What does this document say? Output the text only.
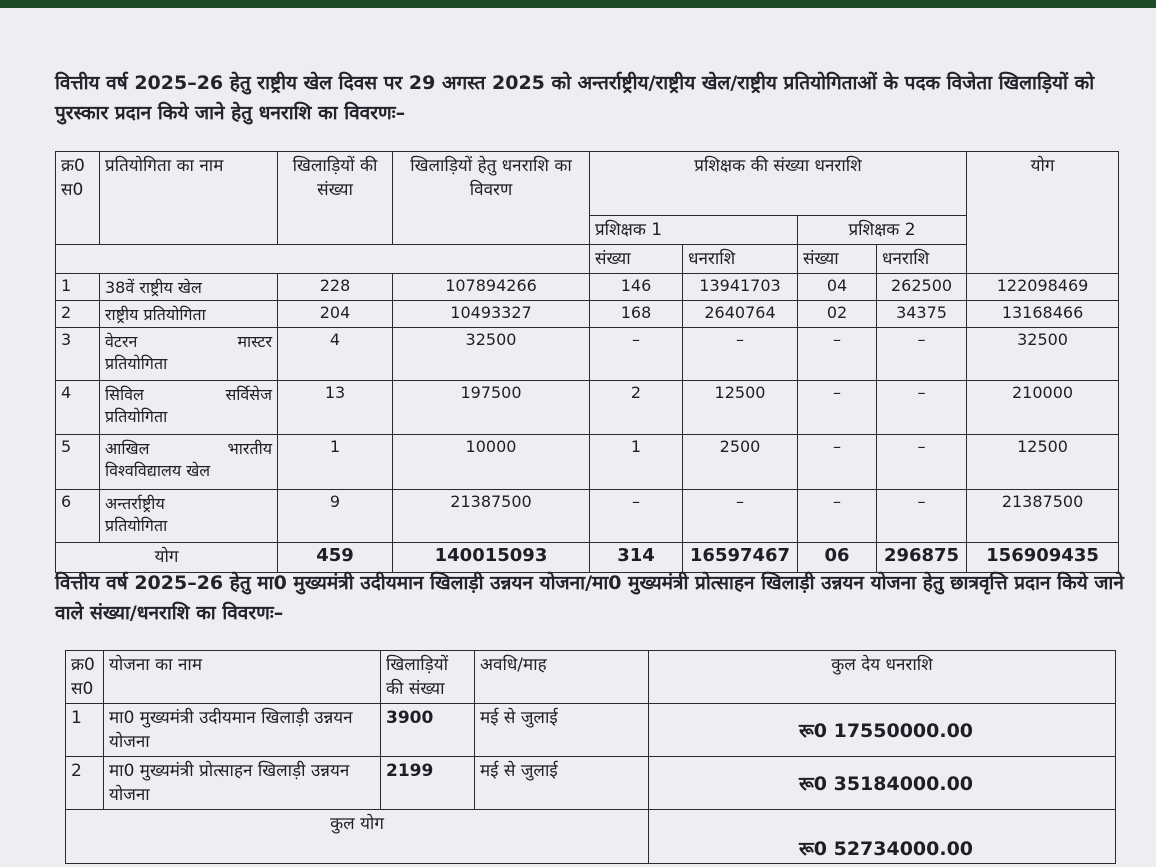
वित्तीय वर्ष 2025–26 हेतु राष्ट्रीय खेल दिवस पर 29 अगस्त 2025 को अन्तर्राष्ट्रीय/राष्ट्रीय खेल/राष्ट्रीय प्रतियोगिताओं के पदक विजेता खिलाड़ियों को पुरस्कार प्रदान किये जाने हेतु धनराशि का विवरणः–
क्र0
स0	प्रतियोगिता का नाम	खिलाड़ियों की संख्या	खिलाड़ियों हेतु धनराशि का विवरण	प्रशिक्षक की संख्या धनराशि				योग
				प्रशिक्षक 1		प्रशिक्षक 2		
				संख्या	धनराशि	संख्या	धनराशि	
1	38वें राष्ट्रीय खेल	228	107894266	146	13941703	04	262500	122098469
2	राष्ट्रीय प्रतियोगिता	204	10493327	168	2640764	02	34375	13168466
3	वेटरन मास्टर
प्रतियोगिता	4	32500	–	–	–	–	32500
4	सिविल सर्विसेज
प्रतियोगिता	13	197500	2	12500	–	–	210000
5	आखिल भारतीय
विश्वविद्यालय खेल	1	10000	1	2500	–	–	12500
6	अन्तर्राष्ट्रीय
प्रतियोगिता	9	21387500	–	–	–	–	21387500
योग		459	140015093	314	16597467	06	296875	156909435
वित्तीय वर्ष 2025–26 हेतु मा0 मुख्यमंत्री उदीयमान खिलाड़ी उन्नयन योजना/मा0 मुख्यमंत्री प्रोत्साहन खिलाड़ी उन्नयन योजना हेतु छात्रवृत्ति प्रदान किये जाने वाले संख्या/धनराशि का विवरणः–
क्र0
स0	योजना का नाम	खिलाड़ियों की संख्या	अवधि/माह	कुल देय धनराशि
1	मा0 मुख्यमंत्री उदीयमान खिलाड़ी उन्नयन योजना	3900	मई से जुलाई	रू0 17550000.00
2	मा0 मुख्यमंत्री प्रोत्साहन खिलाड़ी उन्नयन योजना	2199	मई से जुलाई	रू0 35184000.00
कुल योग				रू0 52734000.00
